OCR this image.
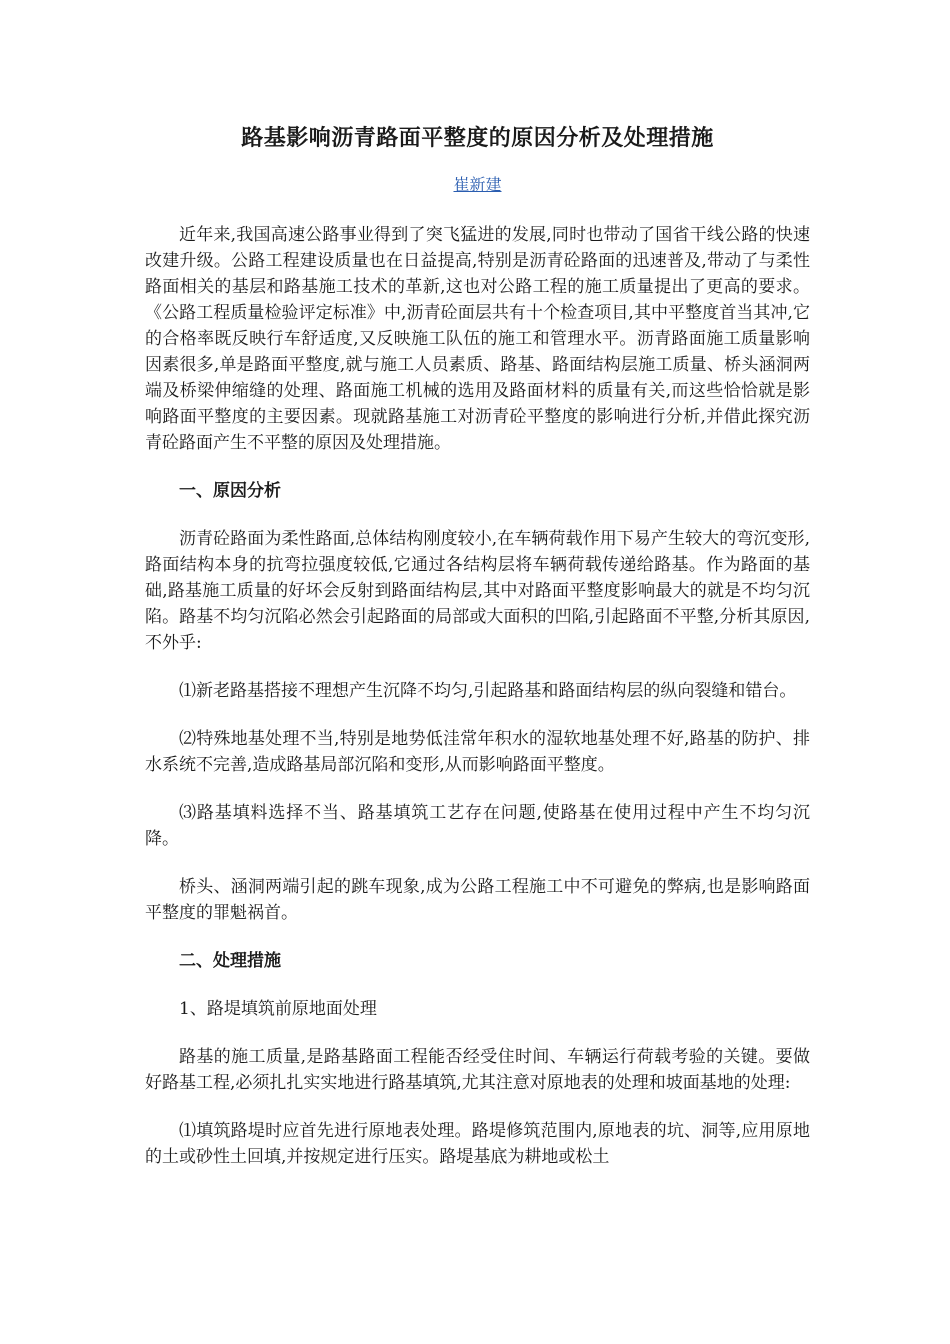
路基影响沥青路面平整度的原因分析及处理措施
崔新建

近年来,我国高速公路事业得到了突飞猛进的发展,同时也带动了国省干线公路的快速改建升级。公路工程建设质量也在日益提高,特别是沥青砼路面的迅速普及,带动了与柔性路面相关的基层和路基施工技术的革新,这也对公路工程的施工质量提出了更高的要求。《公路工程质量检验评定标准》中,沥青砼面层共有十个检查项目,其中平整度首当其冲,它的合格率既反映行车舒适度,又反映施工队伍的施工和管理水平。沥青路面施工质量影响因素很多,单是路面平整度,就与施工人员素质、路基、路面结构层施工质量、桥头涵洞两端及桥梁伸缩缝的处理、路面施工机械的选用及路面材料的质量有关,而这些恰恰就是影响路面平整度的主要因素。现就路基施工对沥青砼平整度的影响进行分析,并借此探究沥青砼路面产生不平整的原因及处理措施。

一、原因分析

沥青砼路面为柔性路面,总体结构刚度较小,在车辆荷载作用下易产生较大的弯沉变形,路面结构本身的抗弯拉强度较低,它通过各结构层将车辆荷载传递给路基。作为路面的基础,路基施工质量的好坏会反射到路面结构层,其中对路面平整度影响最大的就是不均匀沉陷。路基不均匀沉陷必然会引起路面的局部或大面积的凹陷,引起路面不平整,分析其原因,不外乎:

⑴新老路基搭接不理想产生沉降不均匀,引起路基和路面结构层的纵向裂缝和错台。

⑵特殊地基处理不当,特别是地势低洼常年积水的湿软地基处理不好,路基的防护、排水系统不完善,造成路基局部沉陷和变形,从而影响路面平整度。

⑶路基填料选择不当、路基填筑工艺存在问题,使路基在使用过程中产生不均匀沉降。

桥头、涵洞两端引起的跳车现象,成为公路工程施工中不可避免的弊病,也是影响路面平整度的罪魁祸首。

二、处理措施

1、路堤填筑前原地面处理

路基的施工质量,是路基路面工程能否经受住时间、车辆运行荷载考验的关键。要做好路基工程,必须扎扎实实地进行路基填筑,尤其注意对原地表的处理和坡面基地的处理:

⑴填筑路堤时应首先进行原地表处理。路堤修筑范围内,原地表的坑、洞等,应用原地的土或砂性土回填,并按规定进行压实。路堤基底为耕地或松土
